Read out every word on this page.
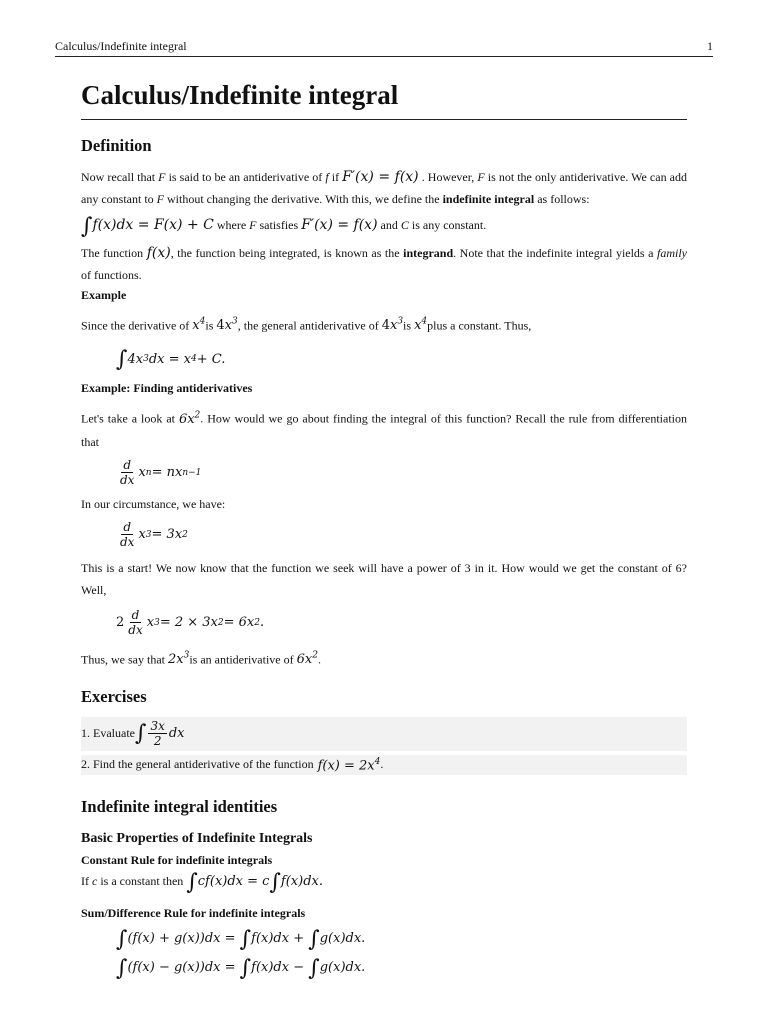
Calculus/Indefinite integral	1
Calculus/Indefinite integral
Definition

Now recall that F is said to be an antiderivative of f if F′(x) = f(x) . However, F is not the only antiderivative. We can add any constant to F without changing the derivative. With this, we define the indefinite integral as follows:

∫f(x)dx = F(x) + C where F satisfies F′(x) = f(x) and C is any constant.

The function f(x), the function being integrated, is known as the integrand. Note that the indefinite integral yields a family of functions.

Example

Since the derivative of $x^4is$ $4x^3$, the general antiderivative of $4x^3is$ $x^4plus$ a constant. Thus,

∫ 4x 3 dx = x 4 + C.
Example: Finding antiderivatives

Let's take a look at $6x^2$. How would we go about finding the integral of this function? Recall the rule from differentiation that

$\frac{d}{dx}$ x n = nx n−1

In our circumstance, we have:

$\frac{d}{dx}$ x 3 = 3x 2

This is a start! We now know that the function we seek will have a power of 3 in it. How would we get the constant of 6? Well,

$2 \frac{d}{dx}$ x 3 = 2 × 3x 2 = 6x 2 .

Thus, we say that $2x^3is$ an antiderivative of $6x^2$.

Exercises
1. Evaluate ∫ $\frac{3x}{2}$ dx
2. Find the general antiderivative of the function $f(x) = 2x^4$ .
Indefinite integral identities
Basic Properties of Indefinite Integrals
Constant Rule for indefinite integrals

If c is a constant then ∫cf(x)dx = c∫f(x)dx.

Sum/Difference Rule for indefinite integrals
∫(f(x) + g(x))dx = ∫f(x)dx + ∫g(x)dx.
∫(f(x) − g(x))dx = ∫f(x)dx − ∫g(x)dx.
